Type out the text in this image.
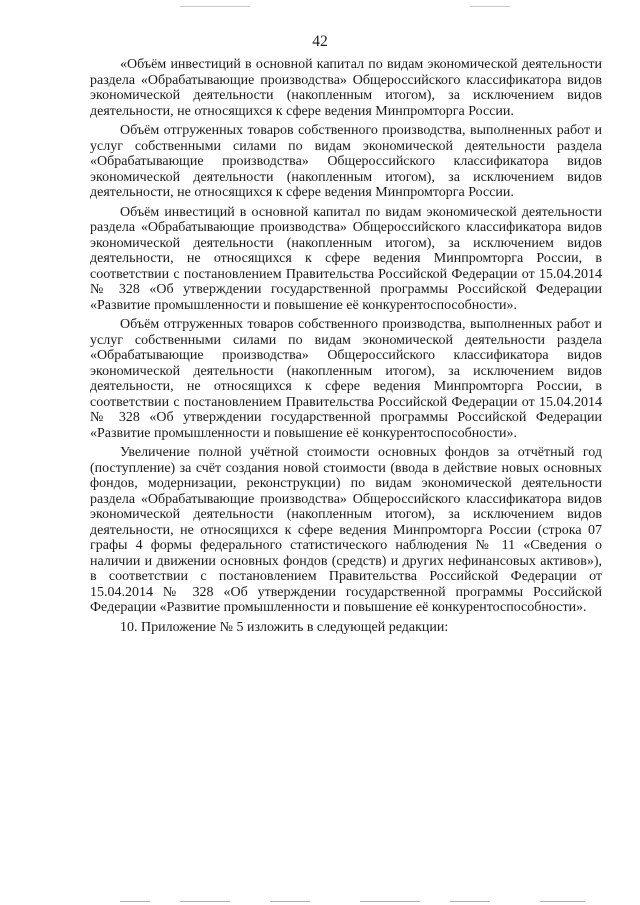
42

«Объём инвестиций в основной капитал по видам экономической деятельности раздела «Обрабатывающие производства» Общероссийского классификатора видов экономической деятельности (накопленным итогом), за исключением видов деятельности, не относящихся к сфере ведения Минпромторга России.

Объём отгруженных товаров собственного производства, выполненных работ и услуг собственными силами по видам экономической деятельности раздела «Обрабатывающие производства» Общероссийского классификатора видов экономической деятельности (накопленным итогом), за исключением видов деятельности, не относящихся к сфере ведения Минпромторга России.

Объём инвестиций в основной капитал по видам экономической деятельности раздела «Обрабатывающие производства» Общероссийского классификатора видов экономической деятельности (накопленным итогом), за исключением видов деятельности, не относящихся к сфере ведения Минпромторга России, в соответствии с постановлением Правительства Российской Федерации от 15.04.2014 № 328 «Об утверждении государственной программы Российской Федерации «Развитие промышленности и повышение её конкурентоспособности».

Объём отгруженных товаров собственного производства, выполненных работ и услуг собственными силами по видам экономической деятельности раздела «Обрабатывающие производства» Общероссийского классификатора видов экономической деятельности (накопленным итогом), за исключением видов деятельности, не относящихся к сфере ведения Минпромторга России, в соответствии с постановлением Правительства Российской Федерации от 15.04.2014 № 328 «Об утверждении государственной программы Российской Федерации «Развитие промышленности и повышение её конкурентоспособности».

Увеличение полной учётной стоимости основных фондов за отчётный год (поступление) за счёт создания новой стоимости (ввода в действие новых основных фондов, модернизации, реконструкции) по видам экономической деятельности раздела «Обрабатывающие производства» Общероссийского классификатора видов экономической деятельности (накопленным итогом), за исключением видов деятельности, не относящихся к сфере ведения Минпромторга России (строка 07 графы 4 формы федерального статистического наблюдения № 11 «Сведения о наличии и движении основных фондов (средств) и других нефинансовых активов»), в соответствии с постановлением Правительства Российской Федерации от 15.04.2014 № 328 «Об утверждении государственной программы Российской Федерации «Развитие промышленности и повышение её конкурентоспособности».

10. Приложение № 5 изложить в следующей редакции:
